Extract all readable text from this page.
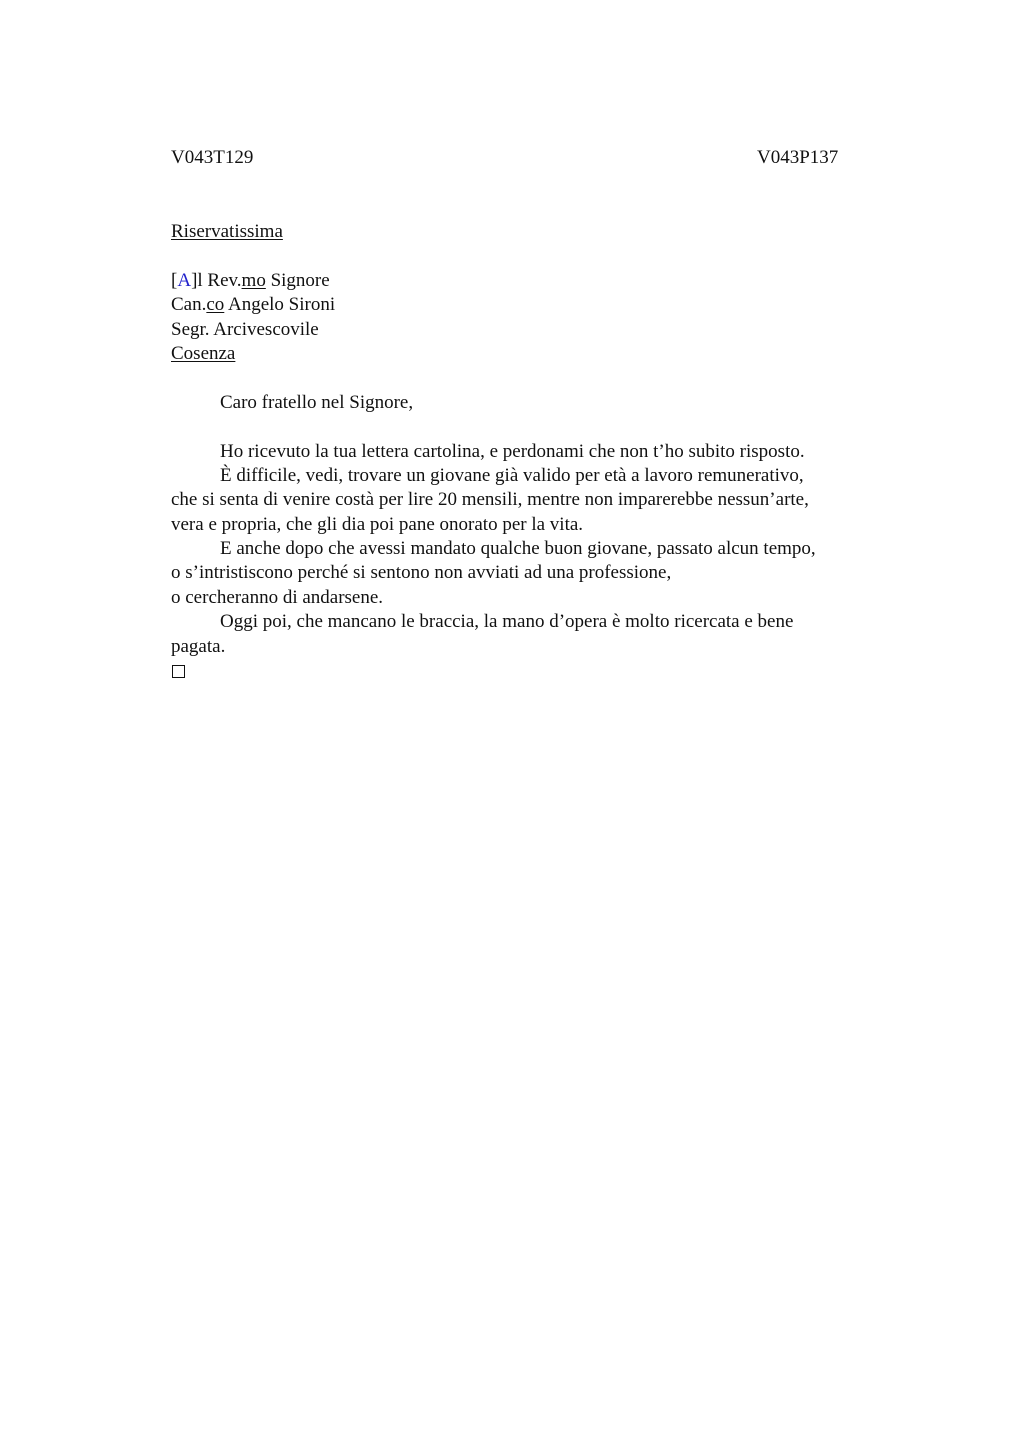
V043T129	V043P137
Riservatissima
[A]l Rev.mo Signore
Can.co Angelo Sironi
Segr. Arcivescovile
Cosenza
Caro fratello nel Signore,
Ho ricevuto la tua lettera cartolina, e perdonami che non t’ho subito risposto.
È difficile, vedi, trovare un giovane già valido per età a lavoro remunerativo,
che si senta di venire costà per lire 20 mensili, mentre non imparerebbe nessun’arte,
vera e propria, che gli dia poi pane onorato per la vita.
E anche dopo che avessi mandato qualche buon giovane, passato alcun tempo,
o s’intristiscono perché si sentono non avviati ad una professione,
o cercheranno di andarsene.
Oggi poi, che mancano le braccia, la mano d’opera è molto ricercata e bene
pagata.
